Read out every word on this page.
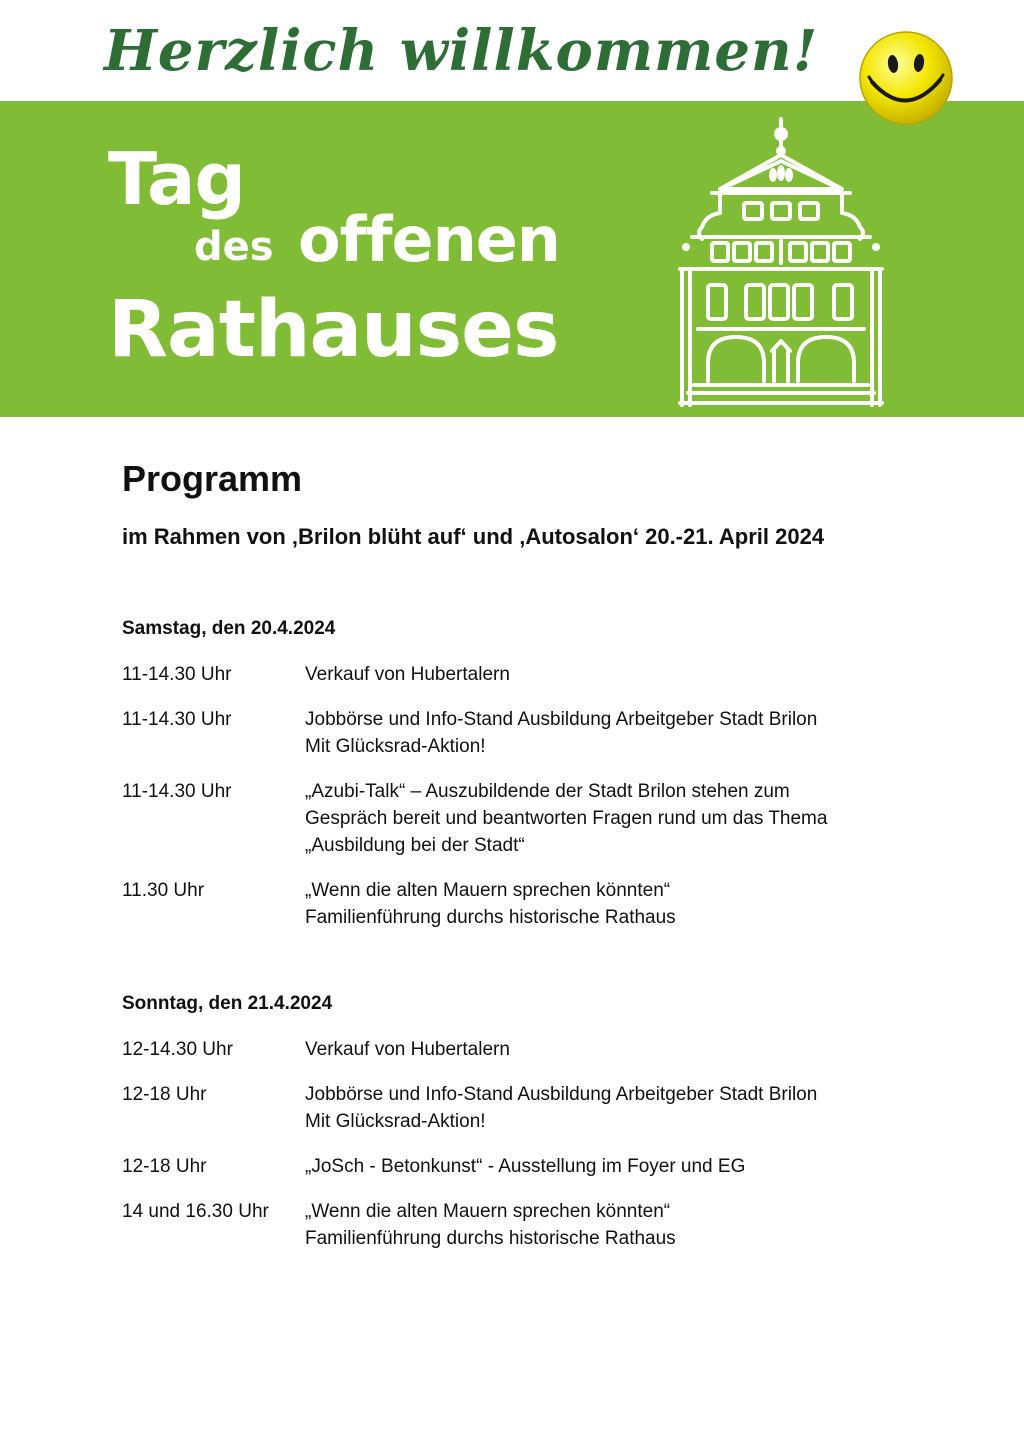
Herzlich willkommen!
Tag
des offenen
Rathauses
Programm
im Rahmen von ‚Brilon blüht auf‘ und ‚Autosalon‘ 20.-21. April 2024
Samstag, den 20.4.2024
11-14.30 Uhr	Verkauf von Hubertalern
11-14.30 Uhr	Jobbörse und Info-Stand Ausbildung Arbeitgeber Stadt Brilon
Mit Glücksrad-Aktion!
11-14.30 Uhr	„Azubi-Talk“ – Auszubildende der Stadt Brilon stehen zum
Gespräch bereit und beantworten Fragen rund um das Thema
„Ausbildung bei der Stadt“
11.30 Uhr	„Wenn die alten Mauern sprechen könnten“
Familienführung durchs historische Rathaus
Sonntag, den 21.4.2024
12-14.30 Uhr	Verkauf von Hubertalern
12-18 Uhr	Jobbörse und Info-Stand Ausbildung Arbeitgeber Stadt Brilon
Mit Glücksrad-Aktion!
12-18 Uhr	„JoSch - Betonkunst“ - Ausstellung im Foyer und EG
14 und 16.30 Uhr	„Wenn die alten Mauern sprechen könnten“
Familienführung durchs historische Rathaus
